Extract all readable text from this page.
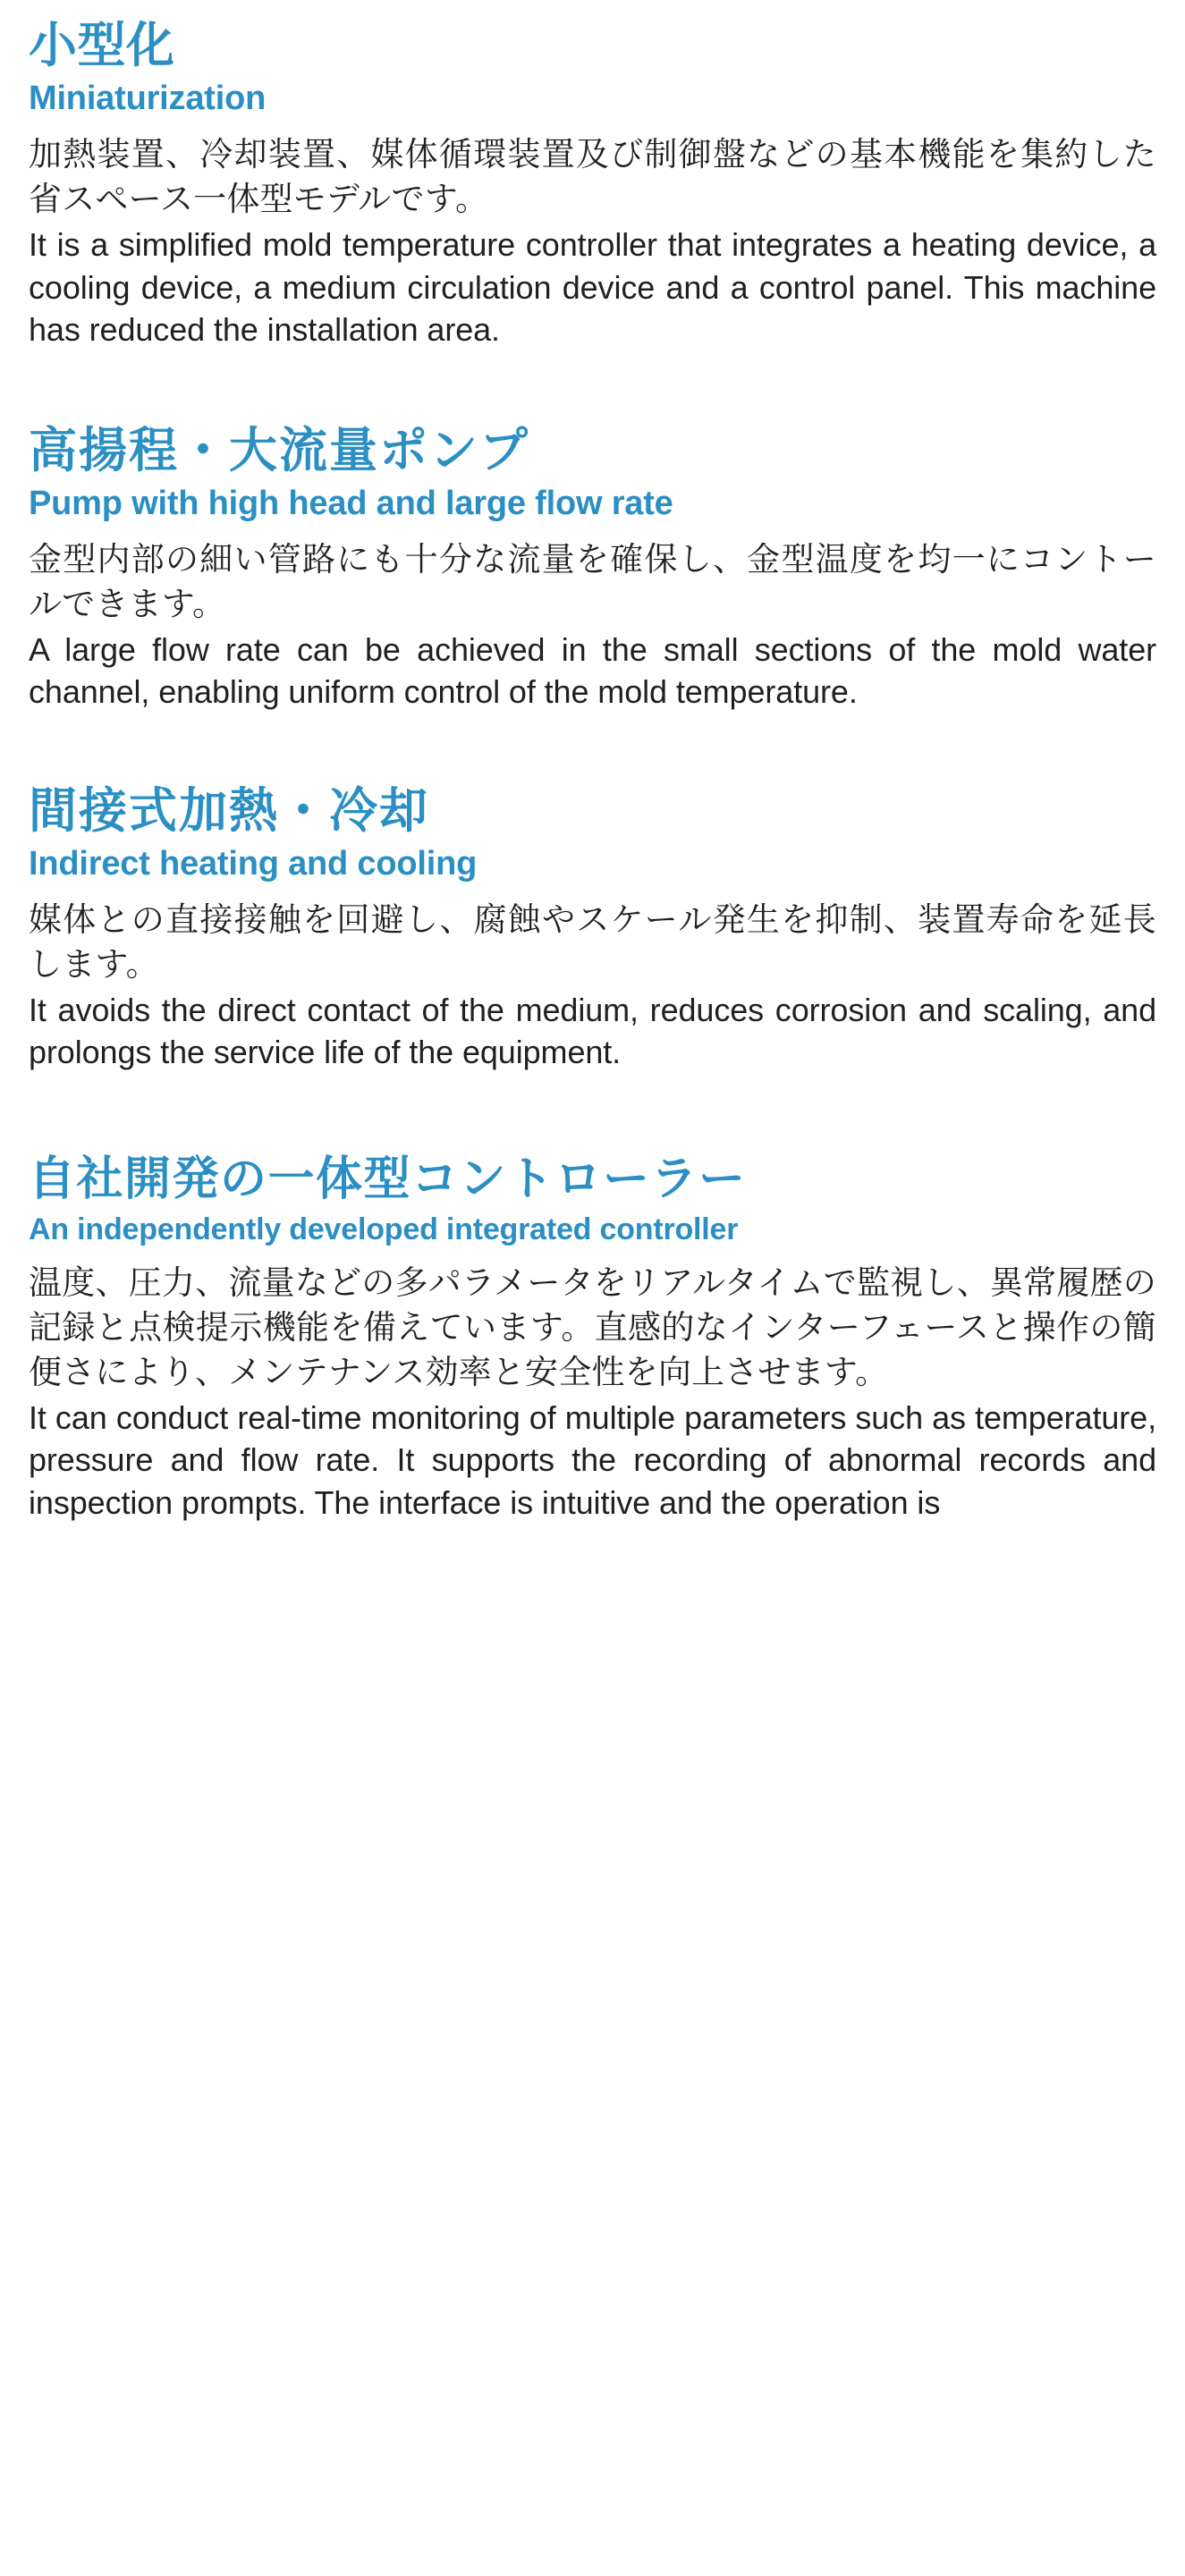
小型化
Miniaturization

加熱装置、冷却装置、媒体循環装置及び制御盤などの基本機能を集約した省スペース一体型モデルです。

It is a simplified mold temperature controller that integrates a heating device, a cooling device, a medium circulation device and a control panel. This machine has reduced the installation area.

高揚程・大流量ポンプ
Pump with high head and large flow rate

金型内部の細い管路にも十分な流量を確保し、金型温度を均一にコントールできます。

A large flow rate can be achieved in the small sections of the mold water channel, enabling uniform control of the mold temperature.

間接式加熱・冷却
Indirect heating and cooling

媒体との直接接触を回避し、腐蝕やスケール発生を抑制、装置寿命を延長します。

It avoids the direct contact of the medium, reduces corrosion and scaling, and prolongs the service life of the equipment.

自社開発の一体型コントローラー
An independently developed integrated controller

温度、圧力、流量などの多パラメータをリアルタイムで監視し、異常履歴の記録と点検提示機能を備えています。直感的なインターフェースと操作の簡便さにより、メンテナンス効率と安全性を向上させます。

It can conduct real-time monitoring of multiple parameters such as temperature, pressure and flow rate. It supports the recording of abnormal records and inspection prompts. The interface is intuitive and the operation is
